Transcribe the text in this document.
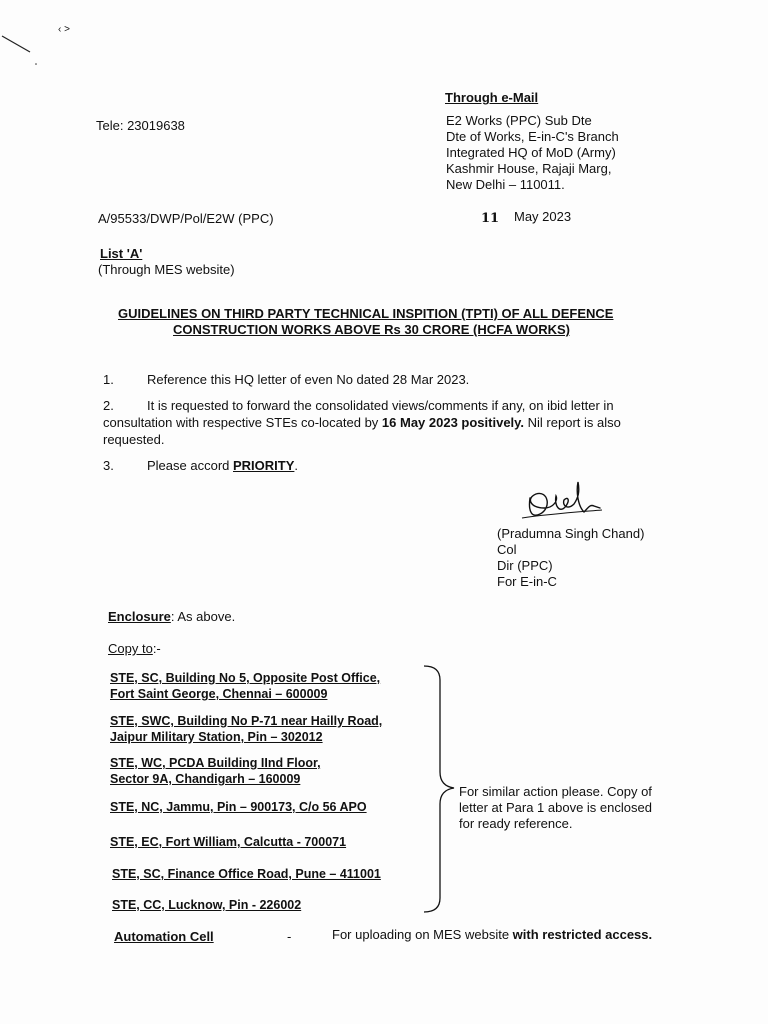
‹ ˃
Through e-Mail
Tele: 23019638	E2 Works (PPC) Sub Dte
Dte of Works, E-in-C's Branch
Integrated HQ of MoD (Army)
Kashmir House, Rajaji Marg,
New Delhi – 110011.
A/95533/DWP/Pol/E2W (PPC)	11 May 2023
List 'A'
(Through MES website)
GUIDELINES ON THIRD PARTY TECHNICAL INSPITION (TPTI) OF ALL DEFENCE
CONSTRUCTION WORKS ABOVE Rs 30 CRORE (HCFA WORKS)
1.	Reference this HQ letter of even No dated 28 Mar 2023.
2.	It is requested to forward the consolidated views/comments if any, on ibid letter in consultation with respective STEs co-located by 16 May 2023 positively. Nil report is also requested.
3.	Please accord PRIORITY.
(Pradumna Singh Chand)
Col
Dir (PPC)
For E-in-C
Enclosure: As above.
Copy to:-
STE, SC, Building No 5, Opposite Post Office,
Fort Saint George, Chennai – 600009
STE, SWC, Building No P-71 near Hailly Road,
Jaipur Military Station, Pin – 302012
STE, WC, PCDA Building IInd Floor,
Sector 9A, Chandigarh – 160009
STE, NC, Jammu, Pin – 900173, C/o 56 APO
STE, EC, Fort William, Calcutta - 700071
STE, SC, Finance Office Road, Pune – 411001
STE, CC, Lucknow, Pin - 226002
For similar action please. Copy of
letter at Para 1 above is enclosed
for ready reference.
Automation Cell	-	For uploading on MES website with restricted access.
